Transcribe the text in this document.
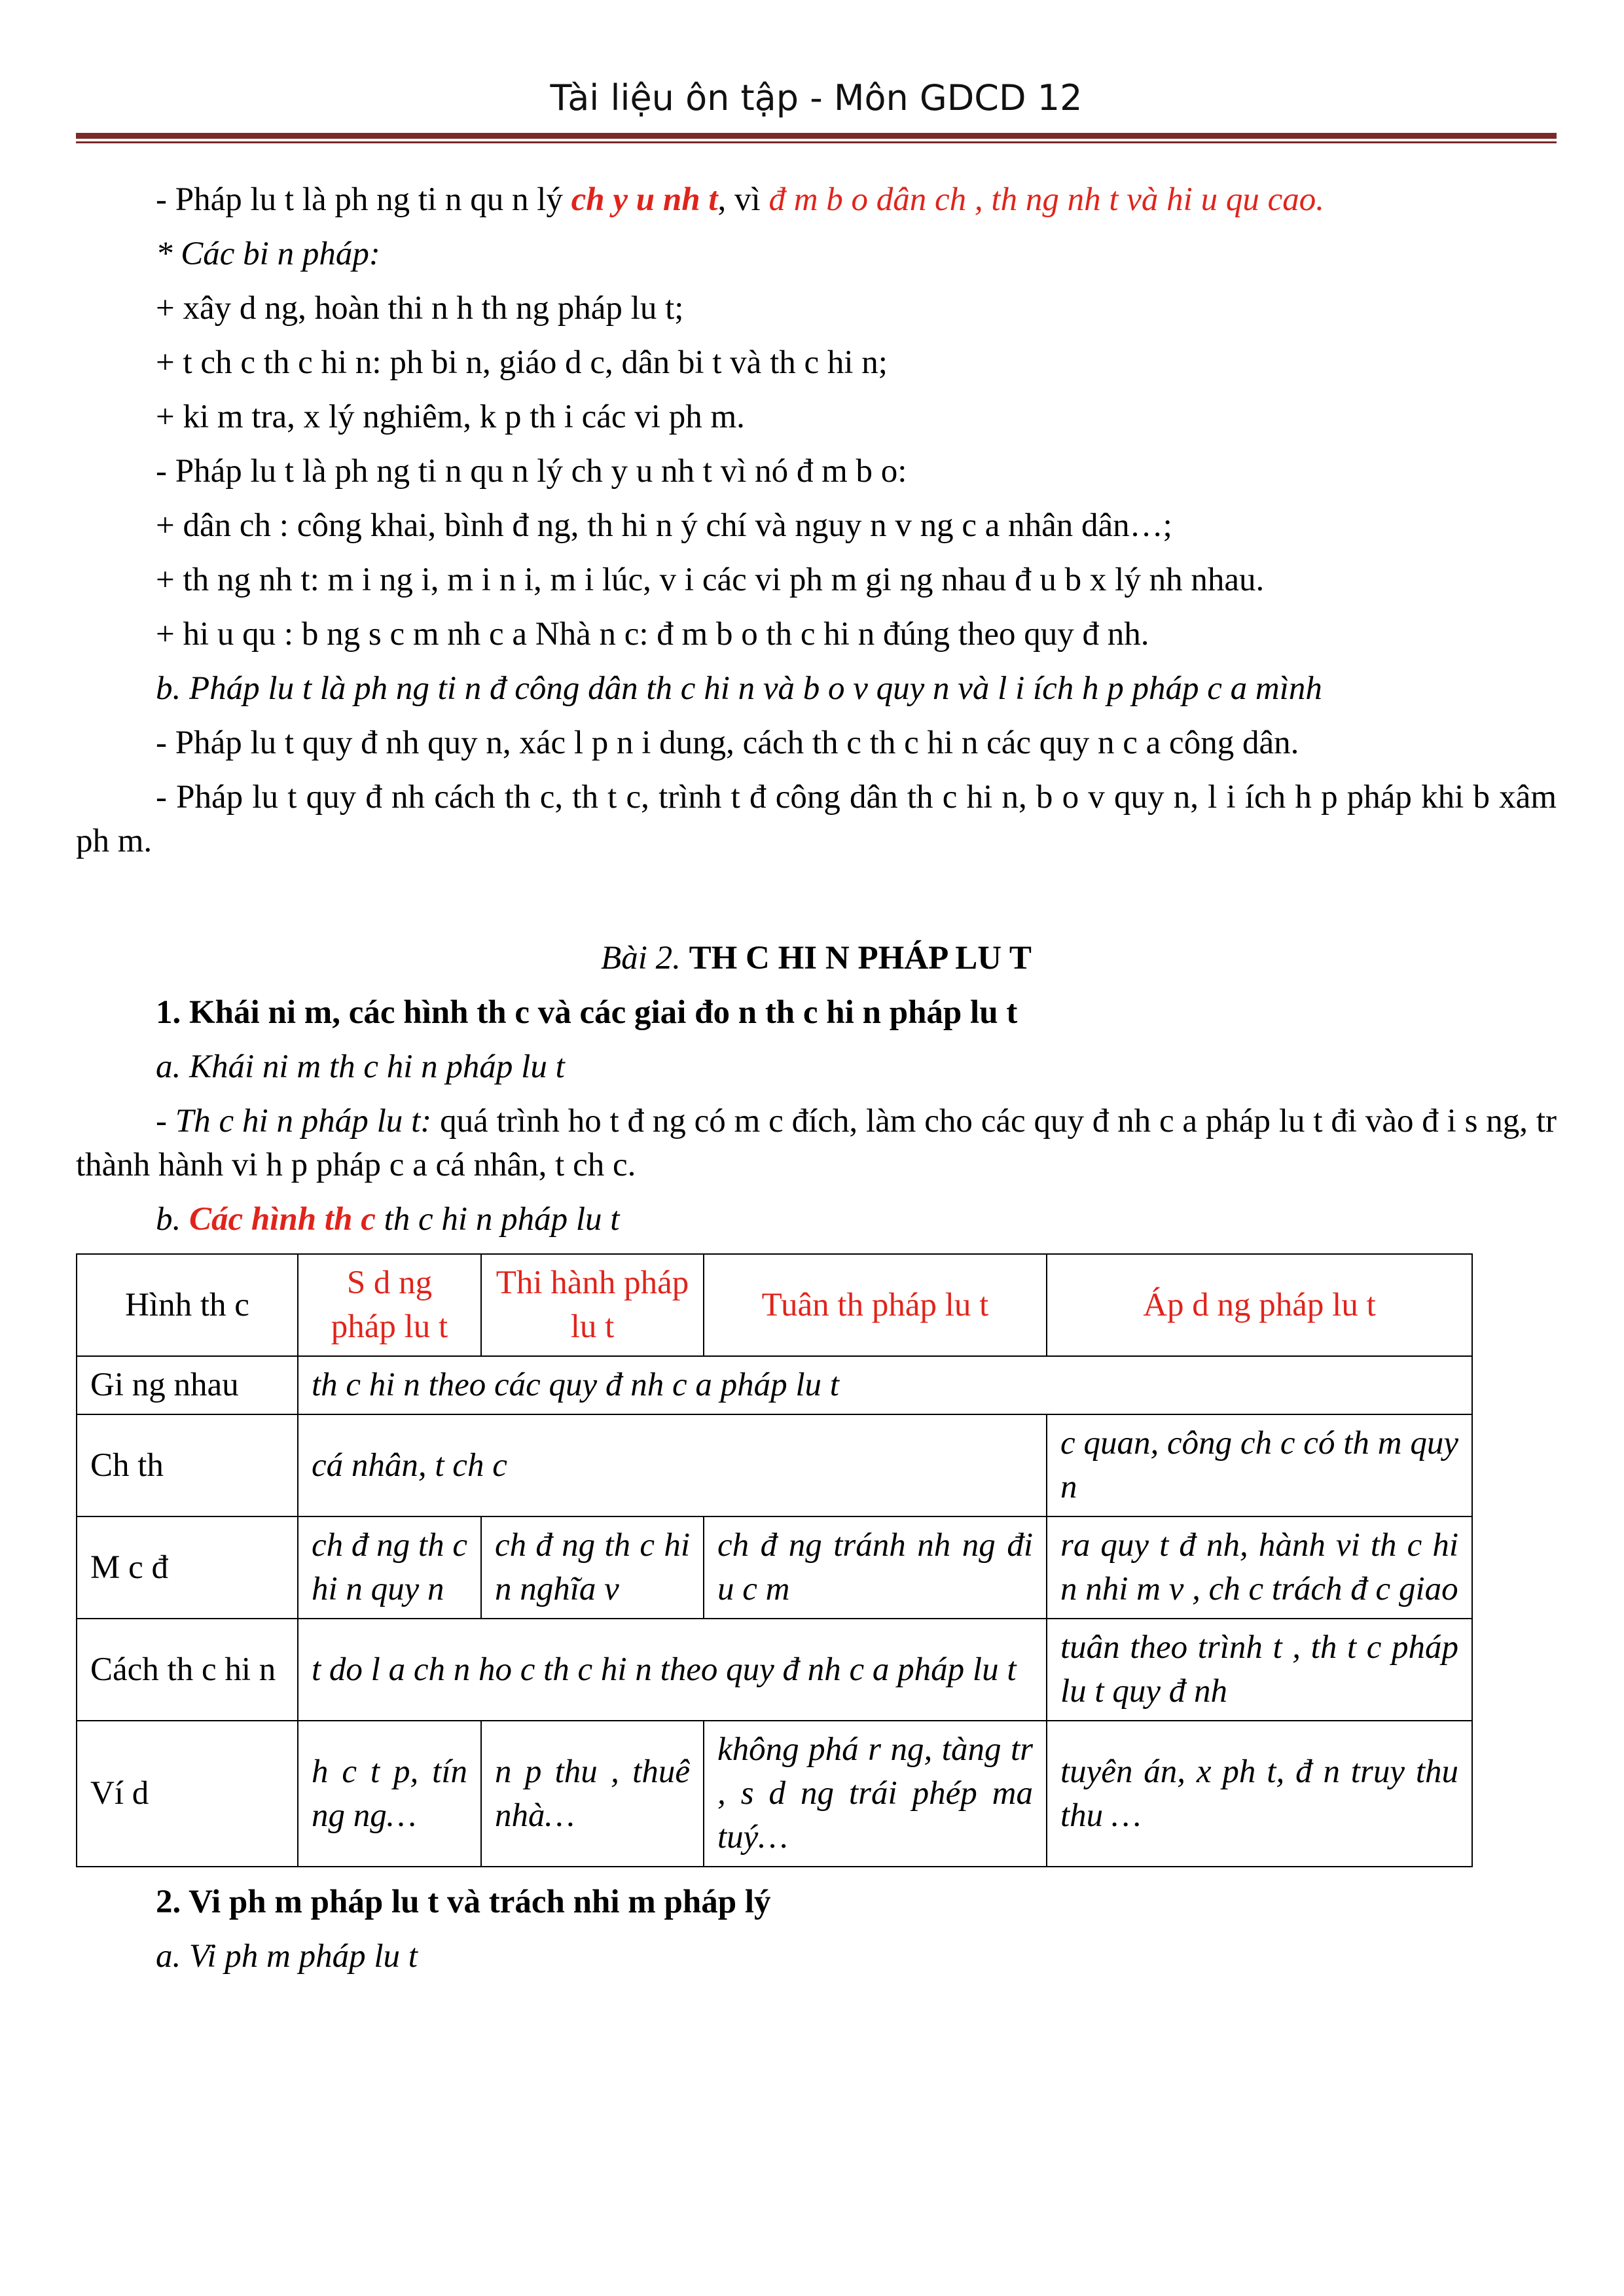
Tài liệu ôn tập - Môn GDCD 12

- Pháp lu t là ph ng ti n qu n lý ch y u nh t, vì đ m b o dân ch , th ng nh t và hi u qu cao.

* Các bi n pháp:

+ xây d ng, hoàn thi n h th ng pháp lu t;

+ t ch c th c hi n: ph bi n, giáo d c, dân bi t và th c hi n;

+ ki m tra, x lý nghiêm, k p th i các vi ph m.

- Pháp lu t là ph ng ti n qu n lý ch y u nh t vì nó đ m b o:

+ dân ch : công khai, bình đ ng, th hi n ý chí và nguy n v ng c a nhân dân…;

+ th ng nh t: m i ng i, m i n i, m i lúc, v i các vi ph m gi ng nhau đ u b x lý nh nhau.

+ hi u qu : b ng s c m nh c a Nhà n c: đ m b o th c hi n đúng theo quy đ nh.

b. Pháp lu t là ph ng ti n đ công dân th c hi n và b o v quy n và l i ích h p pháp c a mình

- Pháp lu t quy đ nh quy n, xác l p n i dung, cách th c th c hi n các quy n c a công dân.

- Pháp lu t quy đ nh cách th c, th t c, trình t đ công dân th c hi n, b o v quy n, l i ích h p pháp khi b xâm ph m.

Bài 2. TH C HI N PHÁP LU T

1. Khái ni m, các hình th c và các giai đo n th c hi n pháp lu t

a. Khái ni m th c hi n pháp lu t

- Th c hi n pháp lu t: quá trình ho t đ ng có m c đích, làm cho các quy đ nh c a pháp lu t đi vào đ i s ng, tr thành hành vi h p pháp c a cá nhân, t ch c.

b. Các hình th c th c hi n pháp lu t

Hình th c	S d ng pháp lu t	Thi hành pháp lu t	Tuân th pháp lu t	Áp d ng pháp lu t
Gi ng nhau	th c hi n theo các quy đ nh c a pháp lu t			
Ch th	cá nhân, t ch c			c quan, công ch c có th m quy n
M c đ	ch đ ng th c hi n quy n	ch đ ng th c hi n nghĩa v	ch đ ng tránh nh ng đi u c m	ra quy t đ nh, hành vi th c hi n nhi m v , ch c trách đ c giao
Cách th c hi n	t do l a ch n ho c th c hi n theo quy đ nh c a pháp lu t			tuân theo trình t , th t c pháp lu t quy đ nh
Ví d	h c t p, tín ng ng…	n p thu , thuê nhà…	không phá r ng, tàng tr , s d ng trái phép ma tuý…	tuyên án, x ph t, đ n truy thu thu …

2. Vi ph m pháp lu t và trách nhi m pháp lý

a. Vi ph m pháp lu t
